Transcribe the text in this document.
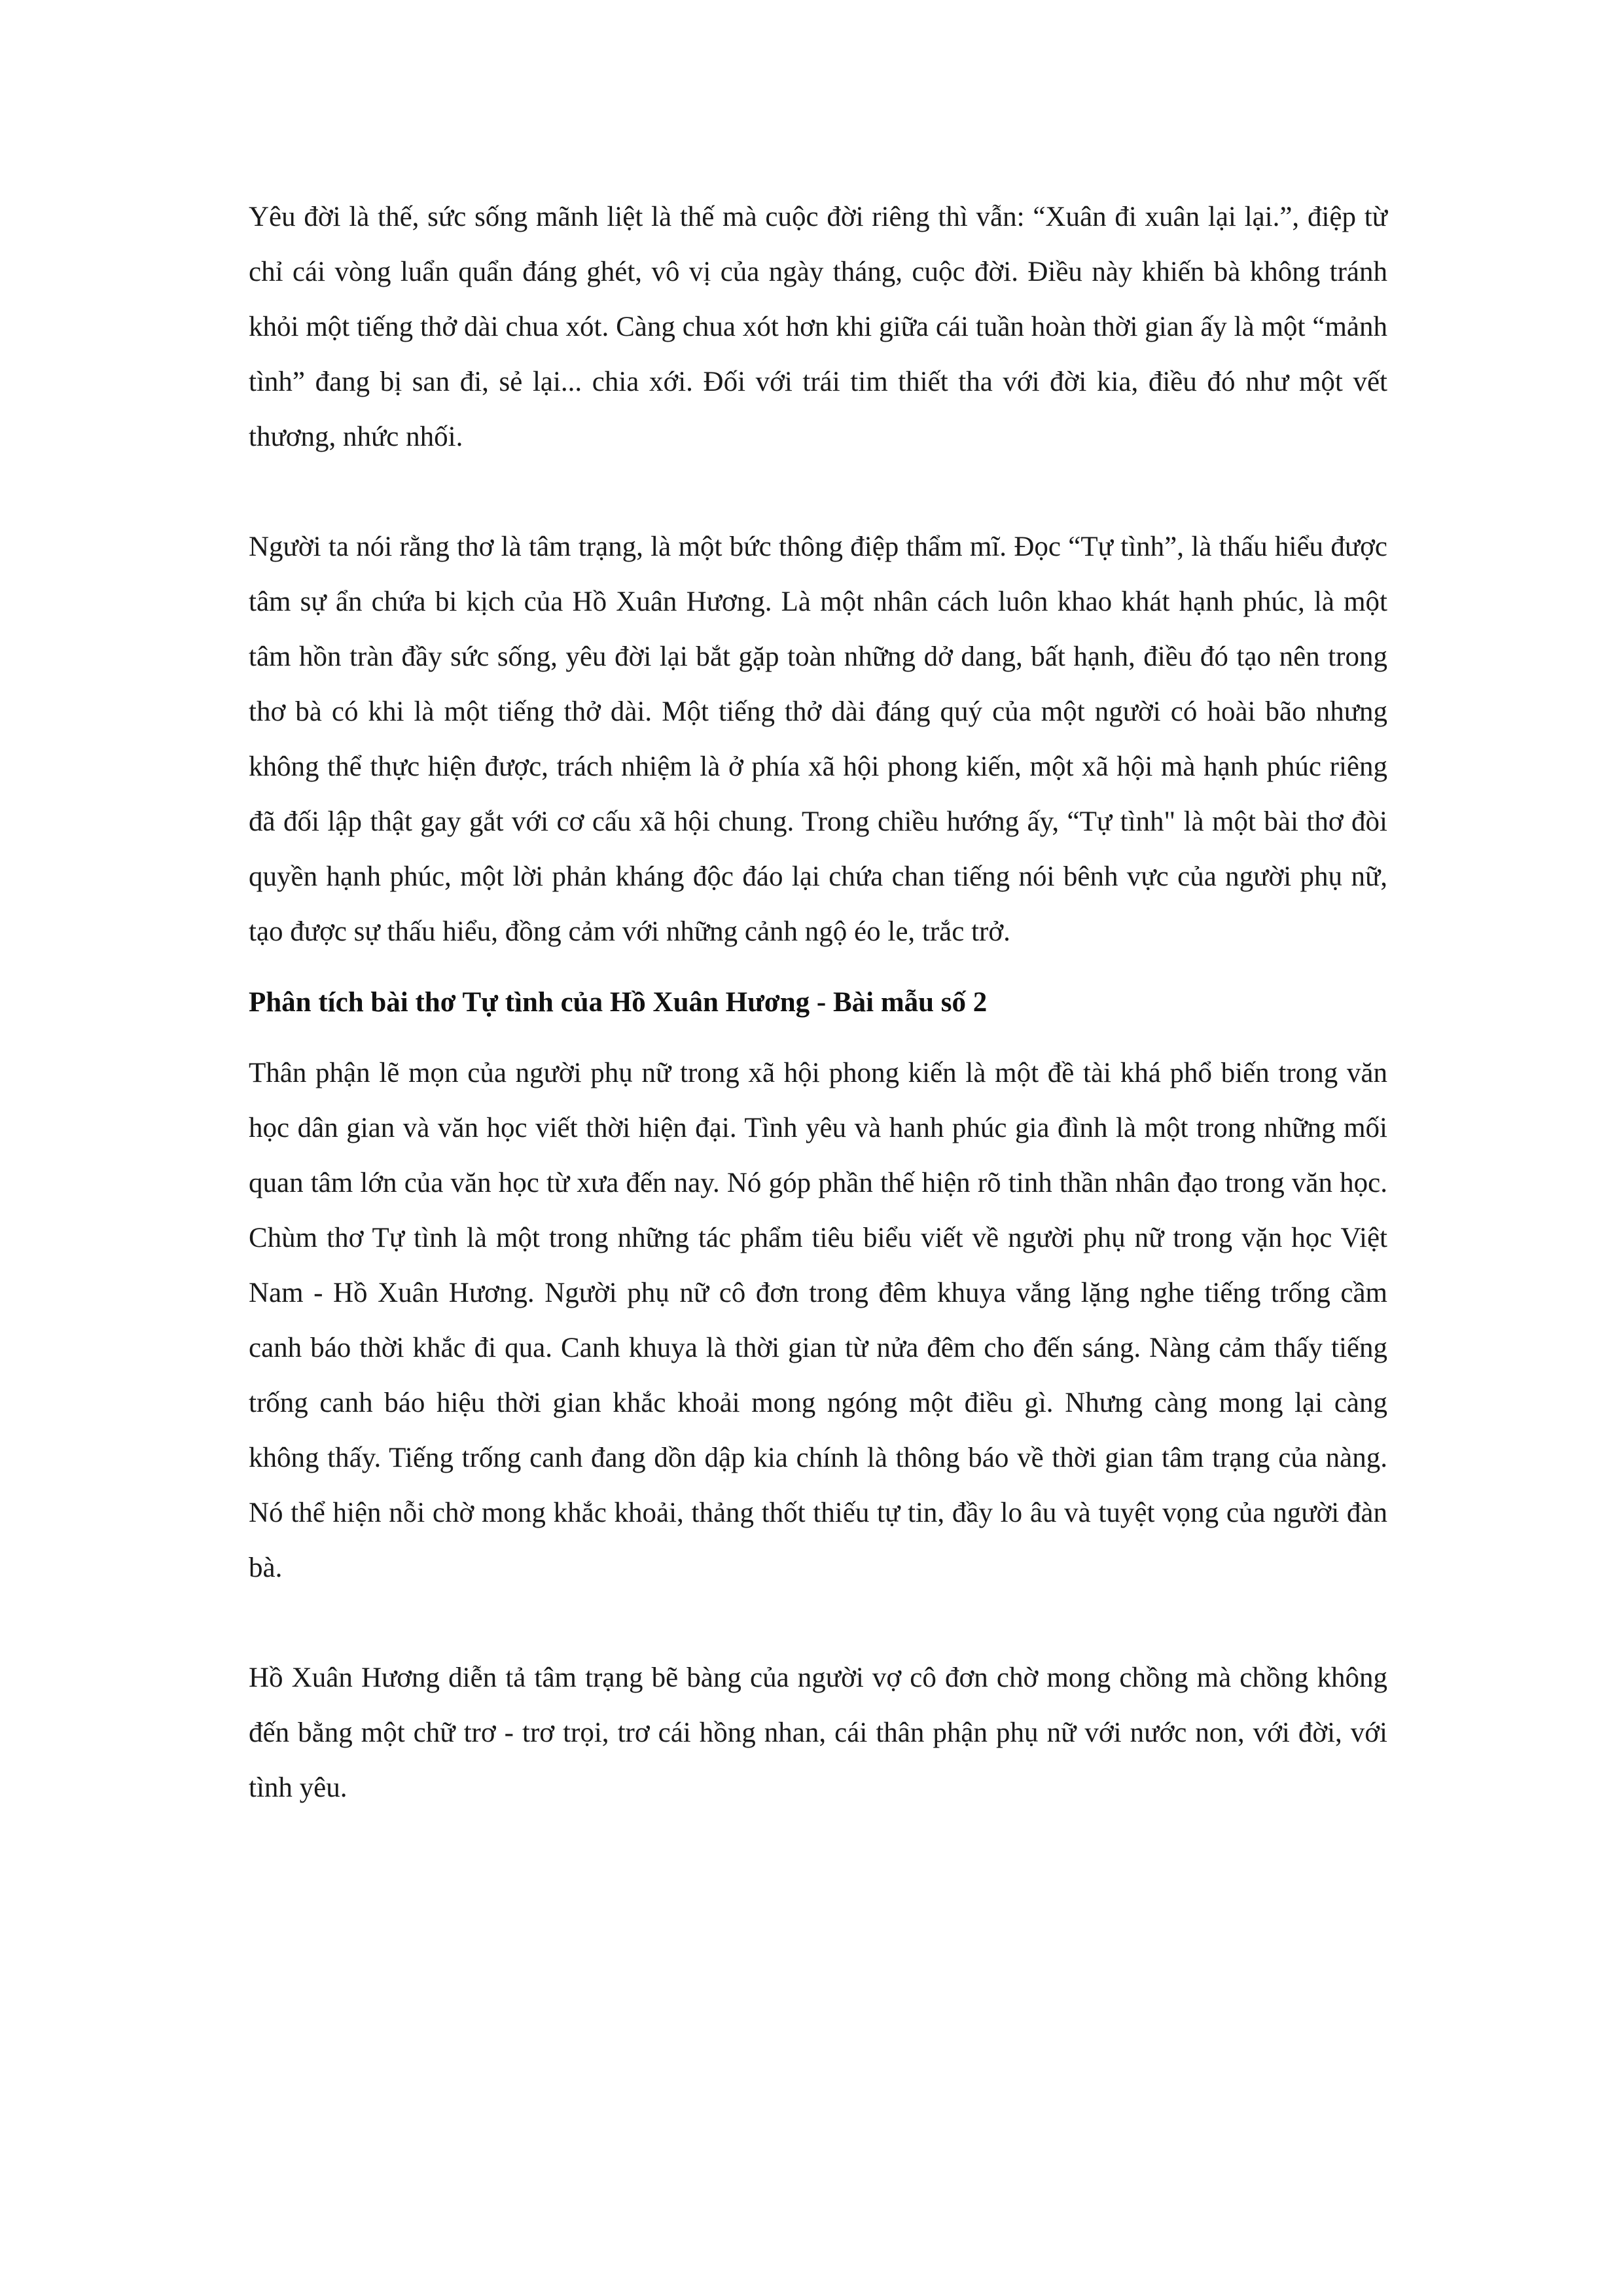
Yêu đời là thế, sức sống mãnh liệt là thế mà cuộc đời riêng thì vẫn: “Xuân đi xuân lại lại.”, điệp từ chỉ cái vòng luẩn quẩn đáng ghét, vô vị của ngày tháng, cuộc đời. Điều này khiến bà không tránh khỏi một tiếng thở dài chua xót. Càng chua xót hơn khi giữa cái tuần hoàn thời gian ấy là một “mảnh tình” đang bị san đi, sẻ lại... chia xới. Đối với trái tim thiết tha với đời kia, điều đó như một vết thương, nhức nhối.

Người ta nói rằng thơ là tâm trạng, là một bức thông điệp thẩm mĩ. Đọc “Tự tình”, là thấu hiểu được tâm sự ẩn chứa bi kịch của Hồ Xuân Hương. Là một nhân cách luôn khao khát hạnh phúc, là một tâm hồn tràn đầy sức sống, yêu đời lại bắt gặp toàn những dở dang, bất hạnh, điều đó tạo nên trong thơ bà có khi là một tiếng thở dài. Một tiếng thở dài đáng quý của một người có hoài bão nhưng không thể thực hiện được, trách nhiệm là ở phía xã hội phong kiến, một xã hội mà hạnh phúc riêng đã đối lập thật gay gắt với cơ cấu xã hội chung. Trong chiều hướng ấy, “Tự tình" là một bài thơ đòi quyền hạnh phúc, một lời phản kháng độc đáo lại chứa chan tiếng nói bênh vực của người phụ nữ, tạo được sự thấu hiểu, đồng cảm với những cảnh ngộ éo le, trắc trở.

Phân tích bài thơ Tự tình của Hồ Xuân Hương - Bài mẫu số 2

Thân phận lẽ mọn của người phụ nữ trong xã hội phong kiến là một đề tài khá phổ biến trong văn học dân gian và văn học viết thời hiện đại. Tình yêu và hanh phúc gia đình là một trong những mối quan tâm lớn của văn học từ xưa đến nay. Nó góp phần thế hiện rõ tinh thần nhân đạo trong văn học. Chùm thơ Tự tình là một trong những tác phẩm tiêu biểu viết về người phụ nữ trong vặn học Việt Nam - Hồ Xuân Hương. Người phụ nữ cô đơn trong đêm khuya vắng lặng nghe tiếng trống cầm canh báo thời khắc đi qua. Canh khuya là thời gian từ nửa đêm cho đến sáng. Nàng cảm thấy tiếng trống canh báo hiệu thời gian khắc khoải mong ngóng một điều gì. Nhưng càng mong lại càng không thấy. Tiếng trống canh đang dồn dập kia chính là thông báo về thời gian tâm trạng của nàng. Nó thể hiện nỗi chờ mong khắc khoải, thảng thốt thiếu tự tin, đầy lo âu và tuyệt vọng của người đàn bà.

Hồ Xuân Hương diễn tả tâm trạng bẽ bàng của người vợ cô đơn chờ mong chồng mà chồng không đến bằng một chữ trơ - trơ trọi, trơ cái hồng nhan, cái thân phận phụ nữ với nước non, với đời, với tình yêu.
